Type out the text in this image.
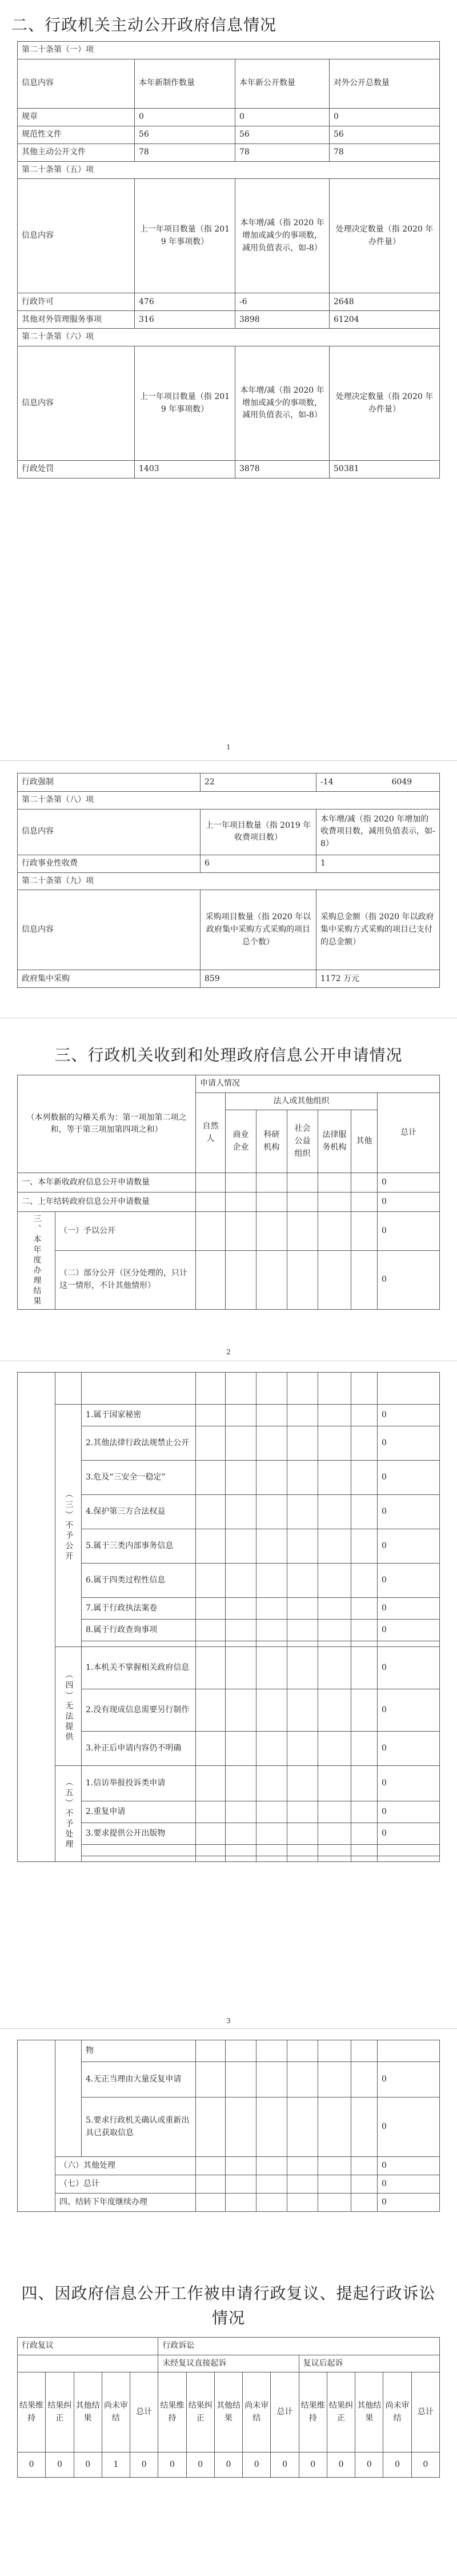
二、行政机关主动公开政府信息情况
第二十条第（一）项			
信息内容	本年新制作数量	本年新公开数量	对外公开总数量
规章	0	0	0
规范性文件	56	56	56
其他主动公开文件	78	78	78
第二十条第（五）项			
信息内容	上一年项目数量（指 2019 年事项数）	本年增/减（指 2020 年增加或减少的事项数，减用负值表示，如-8）	处理决定数量（指 2020 年办件量）
行政许可	476	-6	2648
其他对外管理服务事项	316	3898	61204
第二十条第（六）项			
信息内容	上一年项目数量（指 2019 年事项数）	本年增/减（指 2020 年增加或减少的事项数，减用负值表示，如-8）	处理决定数量（指 2020 年办件量）
行政处罚	1403	3878	50381
1
行政强制	22	-14 6049

第二十条第（八）项		
信息内容	上一年项目数量（指 2019 年收费项目数）	本年增/减（指 2020 年增加的收费项目数，减用负值表示，如-8）
行政事业性收费	6	1
第二十条第（九）项		
信息内容	采购项目数量（指 2020 年以政府集中采购方式采购的项目总个数）	采购总金额（指 2020 年以政府集中采购方式采购的项目已支付的总金额）
政府集中采购	859	1172 万元
三、行政机关收到和处理政府信息公开申请情况
（本列数据的勾稽关系为：第一项加第二项之和，等于第三项加第四项之和）		申请人情况						
		自然人	法人或其他组织					总计
			商业企业	科研机构	社会公益组织	法律服务机构	其他	
一、本年新收政府信息公开申请数量								0
二、上年结转政府信息公开申请数量								0
三、本年度办理结果	（一）予以公开							0
	（二）部分公开（区分处理的，只计这一情形，不计其他情形）							0
2

	（三）不予公开	1.属于国家秘密							0
		2.其他法律行政法规禁止公开							0
		3.危及“三安全一稳定”							0
		4.保护第三方合法权益							0
		5.属于三类内部事务信息							0
		6.属于四类过程性信息							0
		7.属于行政执法案卷							0
		8.属于行政查询事项							0

	（四）无法提供	1.本机关不掌握相关政府信息							0
		2.没有现成信息需要另行制作							0
		3.补正后申请内容仍不明确							0
	（五）不予处理	1.信访举报投诉类申请							0
		2.重复申请							0
		3.要求提供公开出版物							0

3
		物							
		4.无正当理由大量反复申请							0
		5.要求行政机关确认或重新出具已获取信息							0
	（六）其他处理								0
	（七）总计								0
	四、结转下年度继续办理								0
四、因政府信息公开工作被申请行政复议、提起行政诉讼情况
行政复议					行政诉讼									
					未经复议直接起诉					复议后起诉				
结果维持	结果纠正	其他结果	尚未审结	总计	结果维持	结果纠正	其他结果	尚未审结	总计	结果维持	结果纠正	其他结果	尚未审结	总计
0	0	0	1	0	0	0	0	0	0	0	0	0	0	0
